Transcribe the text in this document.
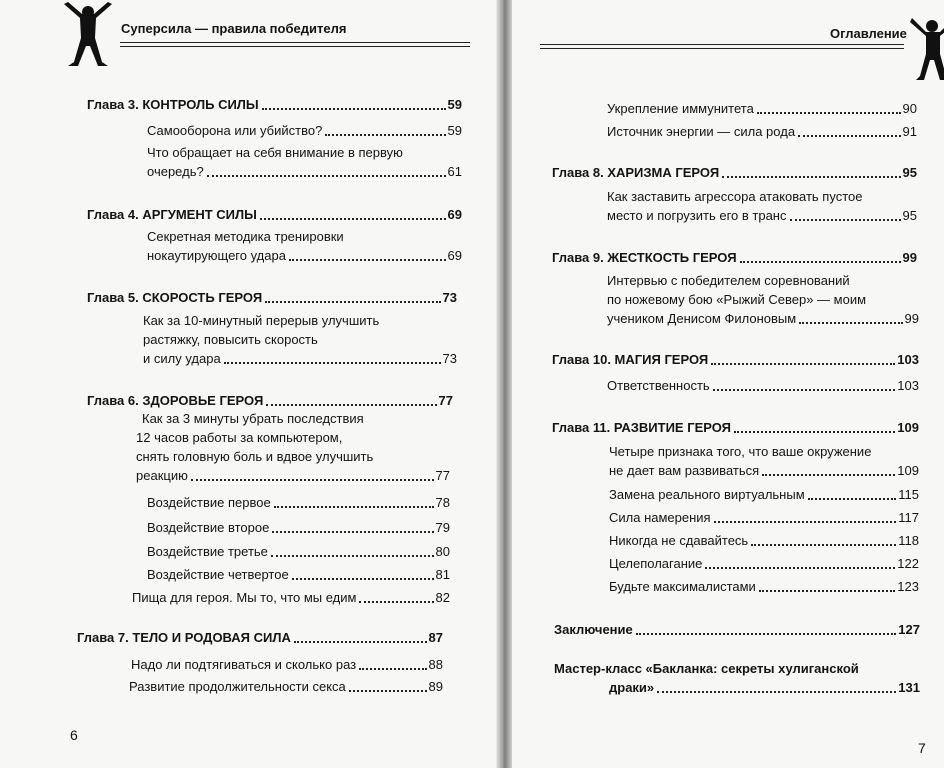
Суперсила — правила победителя
Глава 3. КОНТРОЛЬ СИЛЫ	59
Самооборона или убийство?	59
Что обращает на себя внимание в первую
очередь?	61
Глава 4. АРГУМЕНТ СИЛЫ	69
Секретная методика тренировки
нокаутирующего удара	69
Глава 5. СКОРОСТЬ ГЕРОЯ	73
Как за 10-минутный перерыв улучшить
растяжку, повысить скорость
и силу удара	73
Глава 6. ЗДОРОВЬЕ ГЕРОЯ	77
Как за 3 минуты убрать последствия
12 часов работы за компьютером,
снять головную боль и вдвое улучшить
реакцию	77
Воздействие первое	78
Воздействие второе	79
Воздействие третье	80
Воздействие четвертое	81
Пища для героя. Мы то, что мы едим	82
Глава 7. ТЕЛО И РОДОВАЯ СИЛА	87
Надо ли подтягиваться и сколько раз	88
Развитие продолжительности секса	89
6
Оглавление
Укрепление иммунитета	90
Источник энергии — сила рода	91
Глава 8. ХАРИЗМА ГЕРОЯ	95
Как заставить агрессора атаковать пустое
место и погрузить его в транс	95
Глава 9. ЖЕСТКОСТЬ ГЕРОЯ	99
Интервью с победителем соревнований
по ножевому бою «Рыжий Север» — моим
учеником Денисом Филоновым	99
Глава 10. МАГИЯ ГЕРОЯ	103
Ответственность	103
Глава 11. РАЗВИТИЕ ГЕРОЯ	109
Четыре признака того, что ваше окружение
не дает вам развиваться	109
Замена реального виртуальным	115
Сила намерения	117
Никогда не сдавайтесь	118
Целеполагание	122
Будьте максималистами	123
Заключение	127
Мастер-класс «Бакланка: секреты хулиганской
драки»	131
7
